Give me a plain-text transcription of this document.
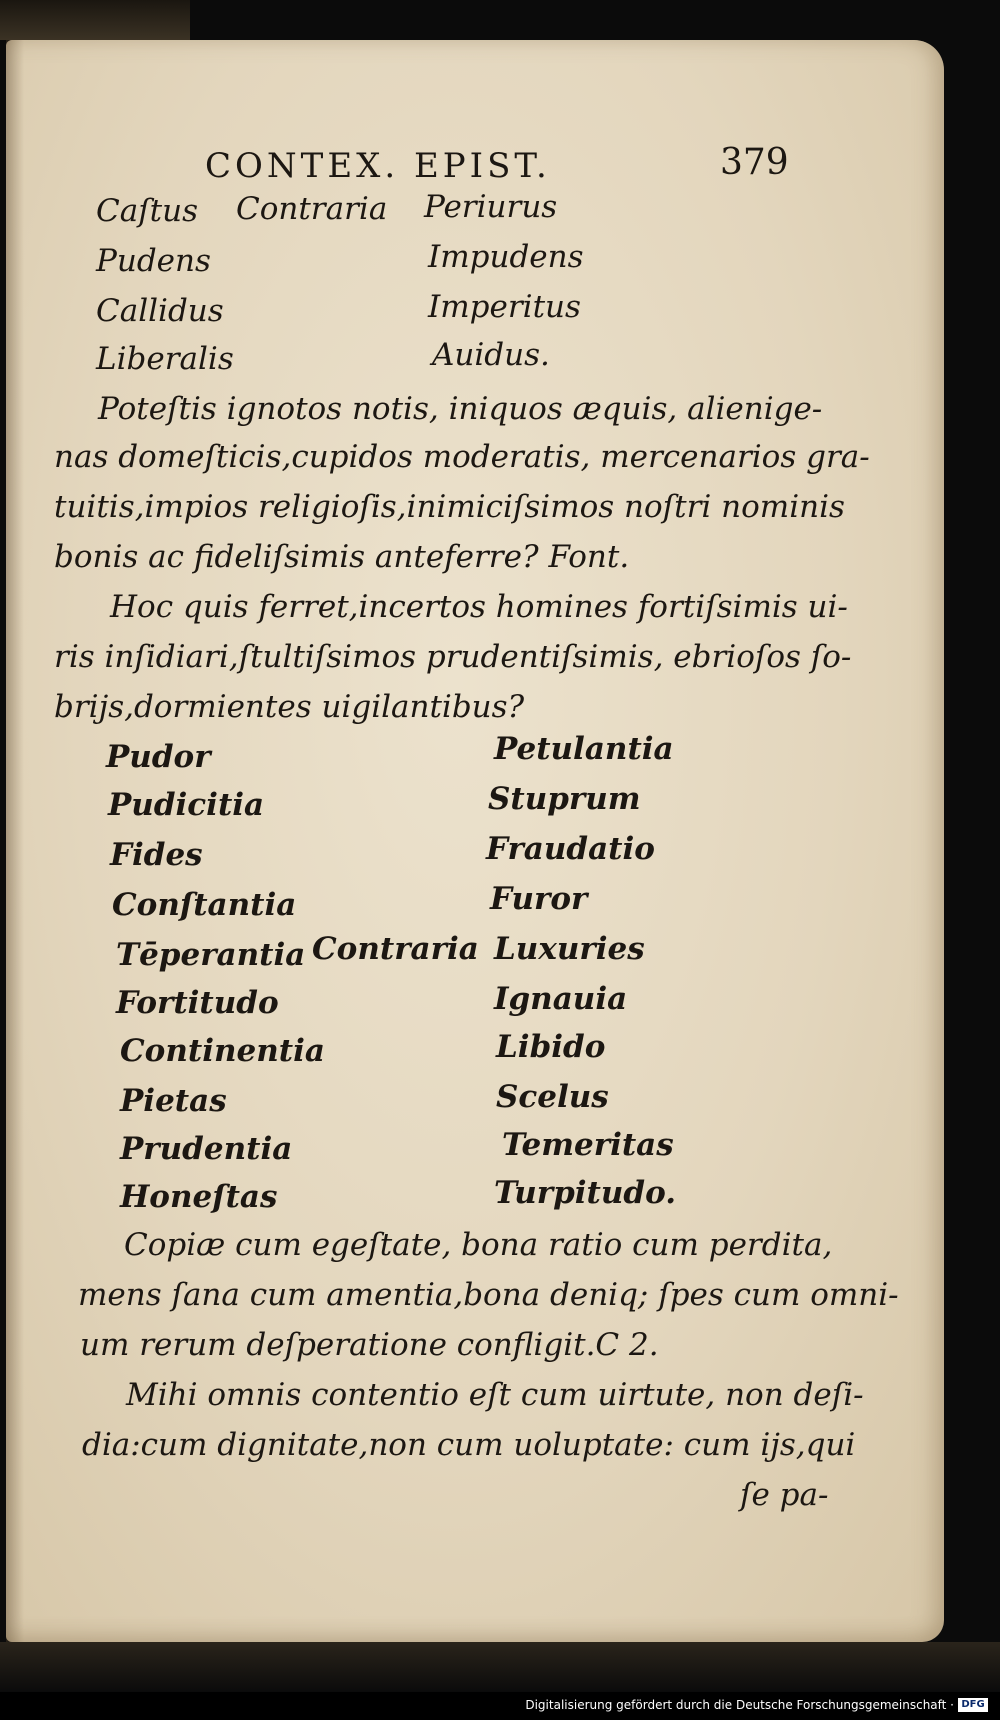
CONTEX. EPIST.	379
Caſtus Contraria Periurus
Pudens	Impudens
Callidus	Imperitus
Liberalis	Auidus.
Poteſtis ignotos notis, iniquos æquis, alienige‑
nas domeſticis,cupidos moderatis, mercenarios gra‑
tuitis,impios religioſis,inimiciſsimos noſtri nominis
bonis ac fideliſsimis anteferre? Font.
Hoc quis ferret,incertos homines fortiſsimis ui‑
ris inſidiari,ſtultiſsimos prudentiſsimis, ebrioſos ſo‑
brijs,dormientes uigilantibus?
Pudor	Petulantia
Pudicitia	Stuprum
Fides	Fraudatio
Conſtantia	Furor
Tēperantia Contraria Luxuries
Fortitudo	Ignauia
Continentia	Libido
Pietas	Scelus
Prudentia	Temeritas
Honeſtas	Turpitudo.
Copiæ cum egeſtate, bona ratio cum perdita,
mens ſana cum amentia,bona deniq; ſpes cum omni‑
um rerum deſperatione confligit.C 2.
Mihi omnis contentio eſt cum uirtute, non deſi‑
dia:cum dignitate,non cum uoluptate: cum ijs,qui
ſe pa‑
Digitalisierung gefördert durch die Deutsche Forschungsgemeinschaft · DFG
